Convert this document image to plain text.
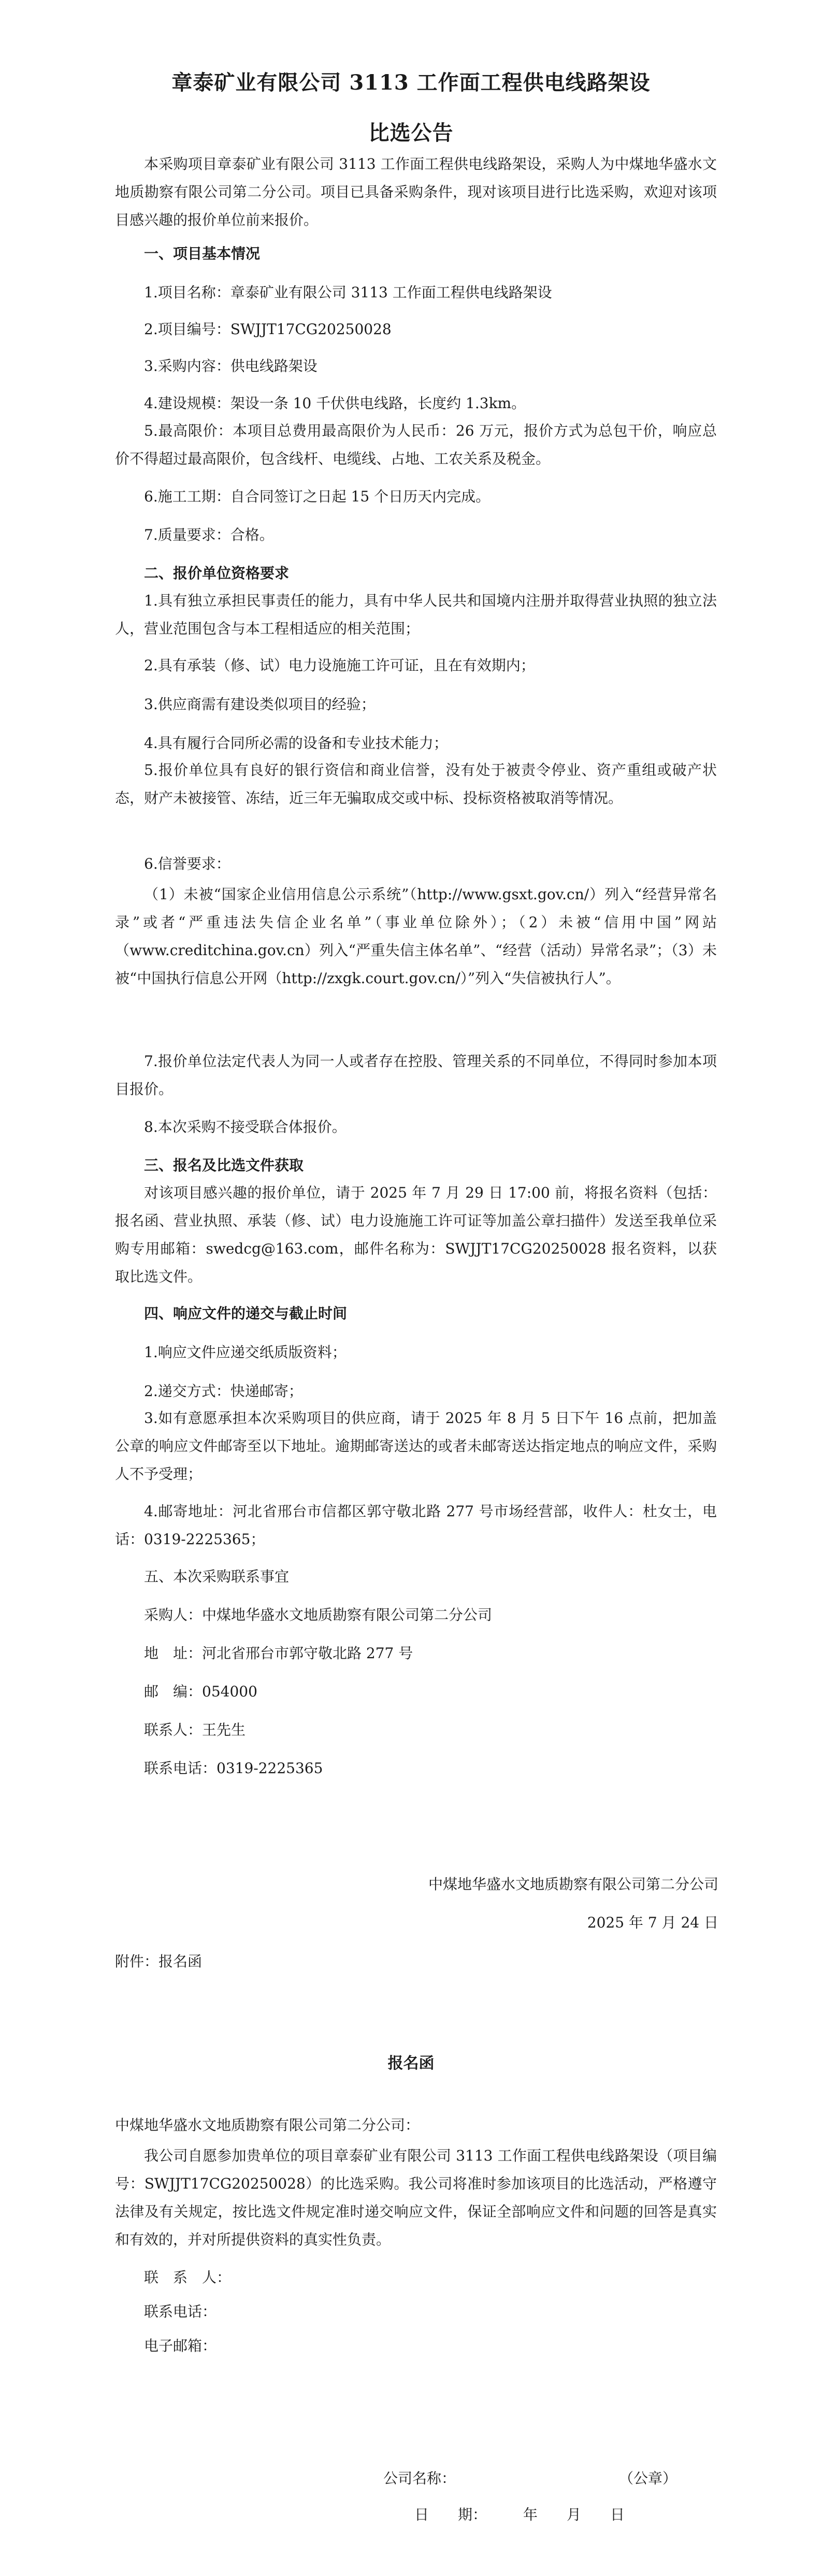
章泰矿业有限公司 3113 工作面工程供电线路架设
比选公告

本采购项目章泰矿业有限公司 3113 工作面工程供电线路架设，采购人为中煤地华盛水文地质勘察有限公司第二分公司。项目已具备采购条件，现对该项目进行比选采购，欢迎对该项目感兴趣的报价单位前来报价。

一、项目基本情况

1.项目名称：章泰矿业有限公司 3113 工作面工程供电线路架设

2.项目编号：SWJJT17CG20250028

3.采购内容：供电线路架设

4.建设规模：架设一条 10 千伏供电线路，长度约 1.3km。

5.最高限价：本项目总费用最高限价为人民币：26 万元，报价方式为总包干价，响应总价不得超过最高限价，包含线杆、电缆线、占地、工农关系及税金。

6.施工工期：自合同签订之日起 15 个日历天内完成。

7.质量要求：合格。

二、报价单位资格要求

1.具有独立承担民事责任的能力，具有中华人民共和国境内注册并取得营业执照的独立法人，营业范围包含与本工程相适应的相关范围；

2.具有承装（修、试）电力设施施工许可证，且在有效期内；

3.供应商需有建设类似项目的经验；

4.具有履行合同所必需的设备和专业技术能力；

5.报价单位具有良好的银行资信和商业信誉，没有处于被责令停业、资产重组或破产状态，财产未被接管、冻结，近三年无骗取成交或中标、投标资格被取消等情况。

6.信誉要求：

（1）未被“国家企业信用信息公示系统”（http://www.gsxt.gov.cn/）列入“经营异常名录”或者“严重违法失信企业名单”（事业单位除外）；（2）未被“信用中国”网站（www.creditchina.gov.cn）列入“严重失信主体名单”、“经营（活动）异常名录”；（3）未被“中国执行信息公开网（http://zxgk.court.gov.cn/）”列入“失信被执行人”。

7.报价单位法定代表人为同一人或者存在控股、管理关系的不同单位，不得同时参加本项目报价。

8.本次采购不接受联合体报价。

三、报名及比选文件获取

对该项目感兴趣的报价单位，请于 2025 年 7 月 29 日 17:00 前，将报名资料（包括：报名函、营业执照、承装（修、试）电力设施施工许可证等加盖公章扫描件）发送至我单位采购专用邮箱：swedcg@163.com，邮件名称为：SWJJT17CG20250028 报名资料，以获取比选文件。

四、响应文件的递交与截止时间

1.响应文件应递交纸质版资料；

2.递交方式：快递邮寄；

3.如有意愿承担本次采购项目的供应商，请于 2025 年 8 月 5 日下午 16 点前，把加盖公章的响应文件邮寄至以下地址。逾期邮寄送达的或者未邮寄送达指定地点的响应文件，采购人不予受理；

4.邮寄地址：河北省邢台市信都区郭守敬北路 277 号市场经营部，收件人：杜女士，电话：0319-2225365；

五、本次采购联系事宜

采购人：中煤地华盛水文地质勘察有限公司第二分公司

地　址：河北省邢台市郭守敬北路 277 号

邮　编：054000

联系人：王先生

联系电话：0319-2225365

中煤地华盛水文地质勘察有限公司第二分公司
2025 年 7 月 24 日

附件：报名函

报名函

中煤地华盛水文地质勘察有限公司第二分公司：

我公司自愿参加贵单位的项目章泰矿业有限公司 3113 工作面工程供电线路架设（项目编号：SWJJT17CG20250028）的比选采购。我公司将准时参加该项目的比选活动，严格遵守法律及有关规定，按比选文件规定准时递交响应文件，保证全部响应文件和问题的回答是真实和有效的，并对所提供资料的真实性负责。

联　系　人：

联系电话：

电子邮箱：

公司名称：	（公章）
日　　期：　　　年　　月　　日
